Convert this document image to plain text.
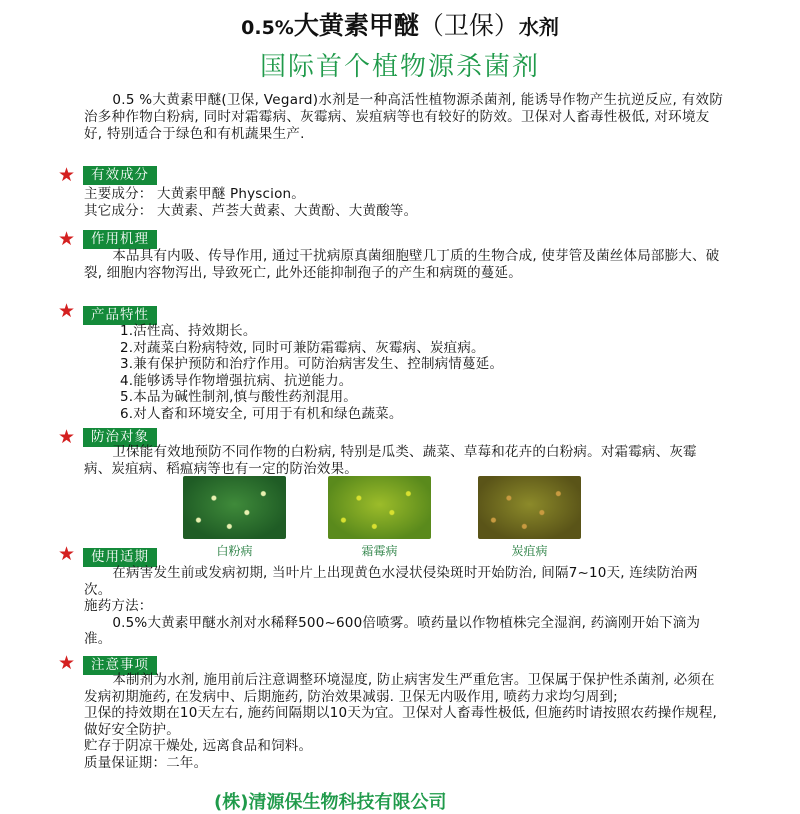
0.5%大黄素甲醚（卫保）水剂
国际首个植物源杀菌剂
0.5 %大黄素甲醚(卫保, Vegard)水剂是一种高活性植物源杀菌剂, 能诱导作物产生抗逆反应, 有效防治多种作物白粉病, 同时对霜霉病、灰霉病、炭疽病等也有较好的防效。卫保对人畜毒性极低, 对环境友好, 特别适合于绿色和有机蔬果生产.
★	有效成分

主要成分： 大黄素甲醚 Physcion。

其它成分： 大黄素、芦荟大黄素、大黄酚、大黄酸等。

★	作用机理
本品具有内吸、传导作用, 通过干扰病原真菌细胞壁几丁质的生物合成, 使芽管及菌丝体局部膨大、破裂, 细胞内容物泻出, 导致死亡, 此外还能抑制孢子的产生和病斑的蔓延。
★	产品特性

1.活性高、持效期长。

2.对蔬菜白粉病特效, 同时可兼防霜霉病、灰霉病、炭疽病。

3.兼有保护预防和治疗作用。可防治病害发生、控制病情蔓延。

4.能够诱导作物增强抗病、抗逆能力。

5.本品为碱性制剂,慎与酸性药剂混用。

6.对人畜和环境安全, 可用于有机和绿色蔬菜。

★	防治对象
卫保能有效地预防不同作物的白粉病, 特别是瓜类、蔬菜、草莓和花卉的白粉病。对霜霉病、灰霉病、炭疽病、稻瘟病等也有一定的防治效果。
白粉病	霜霉病	炭疽病
★	使用适期

在病害发生前或发病初期, 当叶片上出现黄色水浸状侵染斑时开始防治, 间隔7~10天, 连续防治两次。

施药方法：

0.5%大黄素甲醚水剂对水稀释500~600倍喷雾。喷药量以作物植株完全湿润, 药滴刚开始下滴为准。

★	注意事项

本制剂为水剂, 施用前后注意调整环境湿度, 防止病害发生严重危害。卫保属于保护性杀菌剂, 必须在发病初期施药, 在发病中、后期施药, 防治效果减弱. 卫保无内吸作用, 喷药力求均匀周到;

卫保的持效期在10天左右, 施药间隔期以10天为宜。卫保对人畜毒性极低, 但施药时请按照农药操作规程, 做好安全防护。

贮存于阴凉干燥处, 远离食品和饲料。

质量保证期：二年。

(株)清源保生物科技有限公司
